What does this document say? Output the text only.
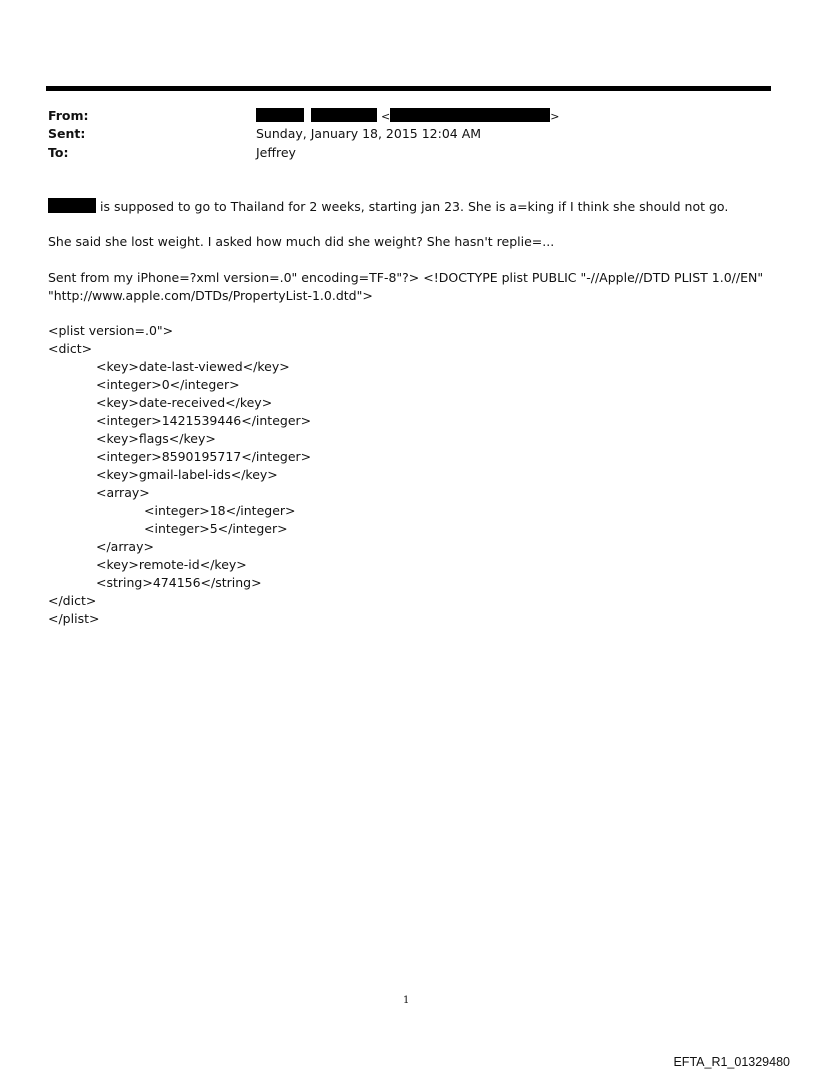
From:	<	>
Sent:	Sunday, January 18, 2015 12:04 AM
To:	Jeffrey
is supposed to go to Thailand for 2 weeks, starting jan 23. She is a=king if I think she should not go.
She said she lost weight. I asked how much did she weight? She hasn't replie=...
Sent from my iPhone=?xml version=.0" encoding=TF-8"?> <!DOCTYPE plist PUBLIC "-//Apple//DTD PLIST 1.0//EN"
"http://www.apple.com/DTDs/PropertyList-1.0.dtd">
<plist version=.0">
<dict>
<key>date-last-viewed</key>
<integer>0</integer>
<key>date-received</key>
<integer>1421539446</integer>
<key>flags</key>
<integer>8590195717</integer>
<key>gmail-label-ids</key>
<array>
<integer>18</integer>
<integer>5</integer>
</array>
<key>remote-id</key>
<string>474156</string>
</dict>
</plist>
1
EFTA_R1_01329480
